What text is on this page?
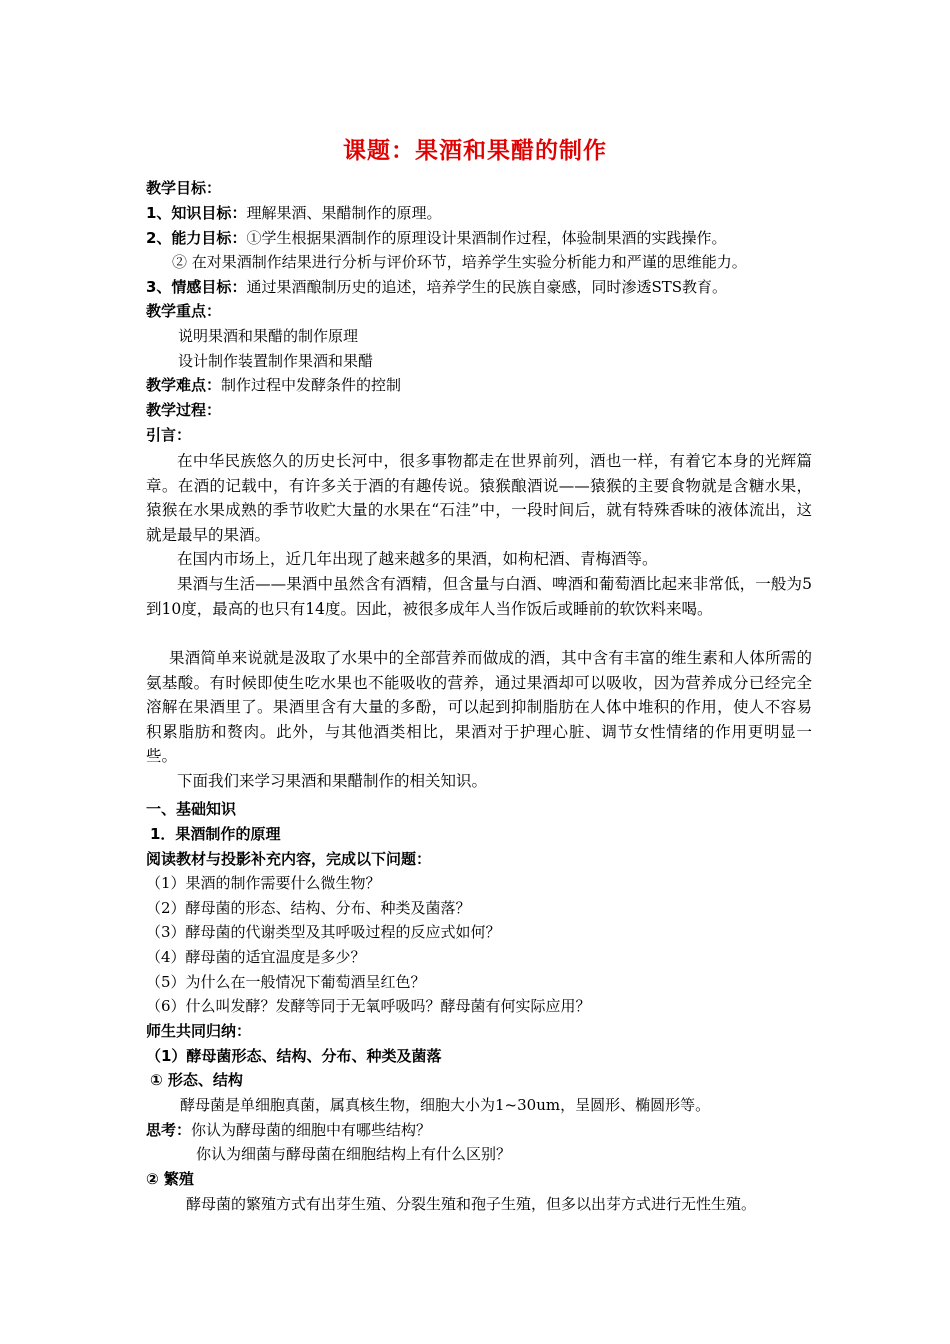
课题：果酒和果醋的制作
教学目标：
1、知识目标：理解果酒、果醋制作的原理。
2、能力目标：①学生根据果酒制作的原理设计果酒制作过程，体验制果酒的实践操作。
② 在对果酒制作结果进行分析与评价环节，培养学生实验分析能力和严谨的思维能力。
3、情感目标：通过果酒酿制历史的追述，培养学生的民族自豪感，同时渗透STS教育。
教学重点：
说明果酒和果醋的制作原理
设计制作装置制作果酒和果醋
教学难点：制作过程中发酵条件的控制
教学过程：
引言：

在中华民族悠久的历史长河中，很多事物都走在世界前列，酒也一样，有着它本身的光辉篇章。在酒的记载中，有许多关于酒的有趣传说。猿猴酿酒说——猿猴的主要食物就是含糖水果，猿猴在水果成熟的季节收贮大量的水果在“石洼”中，一段时间后，就有特殊香味的液体流出，这就是最早的果酒。

在国内市场上，近几年出现了越来越多的果酒，如枸杞酒、青梅酒等。

果酒与生活——果酒中虽然含有酒精，但含量与白酒、啤酒和葡萄酒比起来非常低，一般为5到10度，最高的也只有14度。因此，被很多成年人当作饭后或睡前的软饮料来喝。

果酒简单来说就是汲取了水果中的全部营养而做成的酒，其中含有丰富的维生素和人体所需的氨基酸。有时候即使生吃水果也不能吸收的营养，通过果酒却可以吸收，因为营养成分已经完全溶解在果酒里了。果酒里含有大量的多酚，可以起到抑制脂肪在人体中堆积的作用，使人不容易积累脂肪和赘肉。此外，与其他酒类相比，果酒对于护理心脏、调节女性情绪的作用更明显一些。

下面我们来学习果酒和果醋制作的相关知识。

一、基础知识
1．果酒制作的原理
阅读教材与投影补充内容，完成以下问题：
（1）果酒的制作需要什么微生物？
（2）酵母菌的形态、结构、分布、种类及菌落？
（3）酵母菌的代谢类型及其呼吸过程的反应式如何？
（4）酵母菌的适宜温度是多少？
（5）为什么在一般情况下葡萄酒呈红色？
（6）什么叫发酵？发酵等同于无氧呼吸吗？酵母菌有何实际应用？
师生共同归纳：
（1）酵母菌形态、结构、分布、种类及菌落
① 形态、结构
酵母菌是单细胞真菌，属真核生物，细胞大小为1~30um，呈圆形、椭圆形等。
思考：你认为酵母菌的细胞中有哪些结构？
你认为细菌与酵母菌在细胞结构上有什么区别？
② 繁殖
酵母菌的繁殖方式有出芽生殖、分裂生殖和孢子生殖，但多以出芽方式进行无性生殖。
